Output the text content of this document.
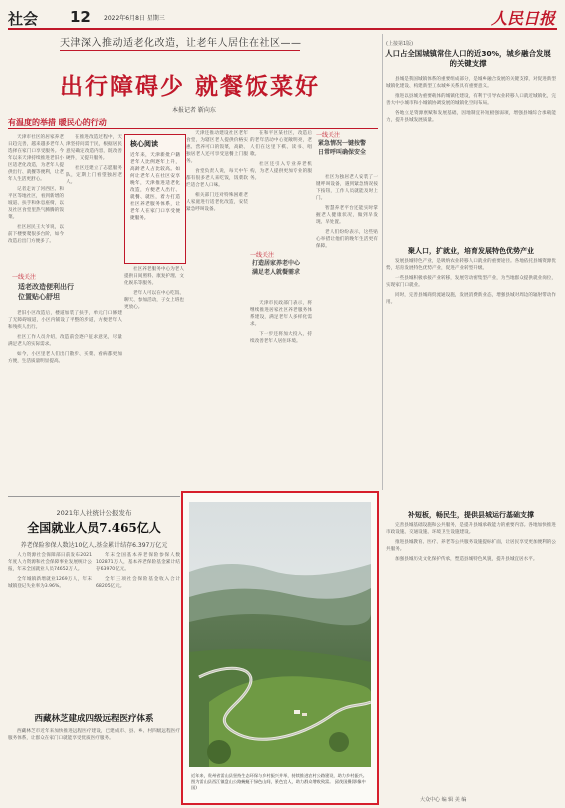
社会 12 2022年6月8日 星期三	人民日报
天津深入推动适老化改造，让老年人居住在社区——
出行障碍少 就餐饭菜好
本报记者 靳向东
有温度的举措 暖民心的行动

天津市社区的居家养老日趋完善，越来越多老年人选择在家门口享受服务。今年以来天津持续推进老旧小区适老化改造，为老年人提供出行、就餐等便利，让老年人生活更舒心。

记者走访了河西区、和平区等地社区，看到新增的坡道、扶手和休息座椅，以及社区食堂里热气腾腾的饭菜。

社区居民王大爷说，以前下楼要爬很多台阶，如今改造后出门方便多了。

在推进改造过程中，天津坚持问需于民，根据居民意见确定改造内容，既改善硬件，又提升服务。

社区还建立了志愿服务队，定期上门看望独居老人。

核心阅读
近年来，天津新批户籍老年人比例逐年上升，高龄老人占比较高。如何让老年人在社区安享晚年，天津推进适老化改造，方便老人出行、就餐、就医，着力打造社区养老服务体系，让老年人在家门口享受便捷服务。
一线关注
适老改造便利出行
位置贴心舒坦

老旧小区改造后，楼道加装了扶手，单元门口修建了无障碍坡道，小区内铺设了平整的步道，方便老年人和残疾人出行。

社区工作人员介绍，改造前会逐户征求意见，尽量满足老人的实际需求。

如今，小区里老人们出门散步、买菜、看病都更加方便，生活质量明显提高。

社区养老服务中心为老人提供日间照料、康复护理、文化娱乐等服务。

老年人可以在中心吃饭、聊天、参加活动，子女上班也更放心。

天津还推动建设社区老年食堂，为辖区老人提供价格实惠、营养可口的饭菜，高龄、独居老人还可享受送餐上门服务。

食堂负责人说，每天中午都有很多老人来吃饭，饭菜软烂适合老人口味。

相关部门还对特殊困难老人家庭进行适老化改造，安装紧急呼叫设备。

一线关注
打造居家养老中心
满足老人就餐需求

在和平区某社区，改造后的老年活动中心宽敞明亮，老人们在这里下棋、读书、唱歌。

社区还引入专业养老机构，为老人提供更加专业的服务。

天津市民政部门表示，将继续推进居家社区养老服务体系建设，满足老年人多样化需求。

下一步还将加大投入，持续改善老年人居住环境。

一线关注
紧急情况一键按警
日常呼叫确保安全

社区为独居老人安装了一键呼叫设备，遇到紧急情况按下按钮，工作人员就能及时上门。

智慧养老平台还能实时掌握老人健康状况，做到早发现、早处置。

老人们纷纷表示，这些贴心举措让他们的晚年生活更有保障。

(上接第1版)
人口占全国城镇常住人口的近30%，城乡融合发展的关键支撑

县城是我国城镇体系的重要组成部分，是城乡融合发展的关键支撑，对促进新型城镇化建设、构建新型工农城乡关系具有重要意义。

推进以县城为重要载体的城镇化建设，有利于引导农业转移人口就近城镇化，完善大中小城市和小城镇协调发展的城镇化空间布局。

各地立足资源禀赋和发展基础，因地制宜补短板强弱项，增强县城综合承载能力，提升县城发展质量。

聚人口，扩就业，培育发展特色优势产业

发展县城特色产业，是吸纳农业转移人口就业的重要途径。各地依托县城资源优势，培育发展特色优势产业，促进产业转型升级。

一些县城积极承接产业转移，发展劳动密集型产业，为当地群众提供就业岗位，实现家门口就业。

同时，完善县城商贸流通设施，发展消费新业态，增强县城对周边的辐射带动作用。

补短板，畅民生，提供县城运行基础支撑

完善县城基础设施和公共服务，是提升县城承载能力的重要内容。各地加快推进市政设施、交通设施、环境卫生设施建设。

推进县城教育、医疗、养老等公共服务设施提标扩面，让居民享受更加便利的公共服务。

加强县城历史文化保护传承，塑造县城特色风貌，提升县城宜居水平。

2021年人社统计公报发布
全国就业人员7.465亿人
养老保险参保人数达10亿人,基金累计结存6.397万亿元

人力资源社会保障部日前发布2021年度人力资源和社会保障事业发展统计公报，年末全国就业人员74652万人。

全年城镇新增就业1269万人，年末城镇登记失业率为3.96%。

年末全国基本养老保险参保人数102871万人，基本养老保险基金累计结存63970亿元。

全年三项社会保险基金收入合计68205亿元。

西藏林芝建成四级远程医疗体系

西藏林芝市近年来加快推进远程医疗建设，已建成市、县、乡、村四级远程医疗服务体系，让群众在家门口就能享受优质医疗服务。

近年来，贵州省雷山县坚持生态环保与乡村振兴并举，持续推进农村公路建设，助力乡村振兴。图为雷山县西江镇盘山公路蜿蜒于绿色山间，景色宜人，助力群众增收致富。 邱茂国摄(影像中国)
大众中心 编 辑 美 编
